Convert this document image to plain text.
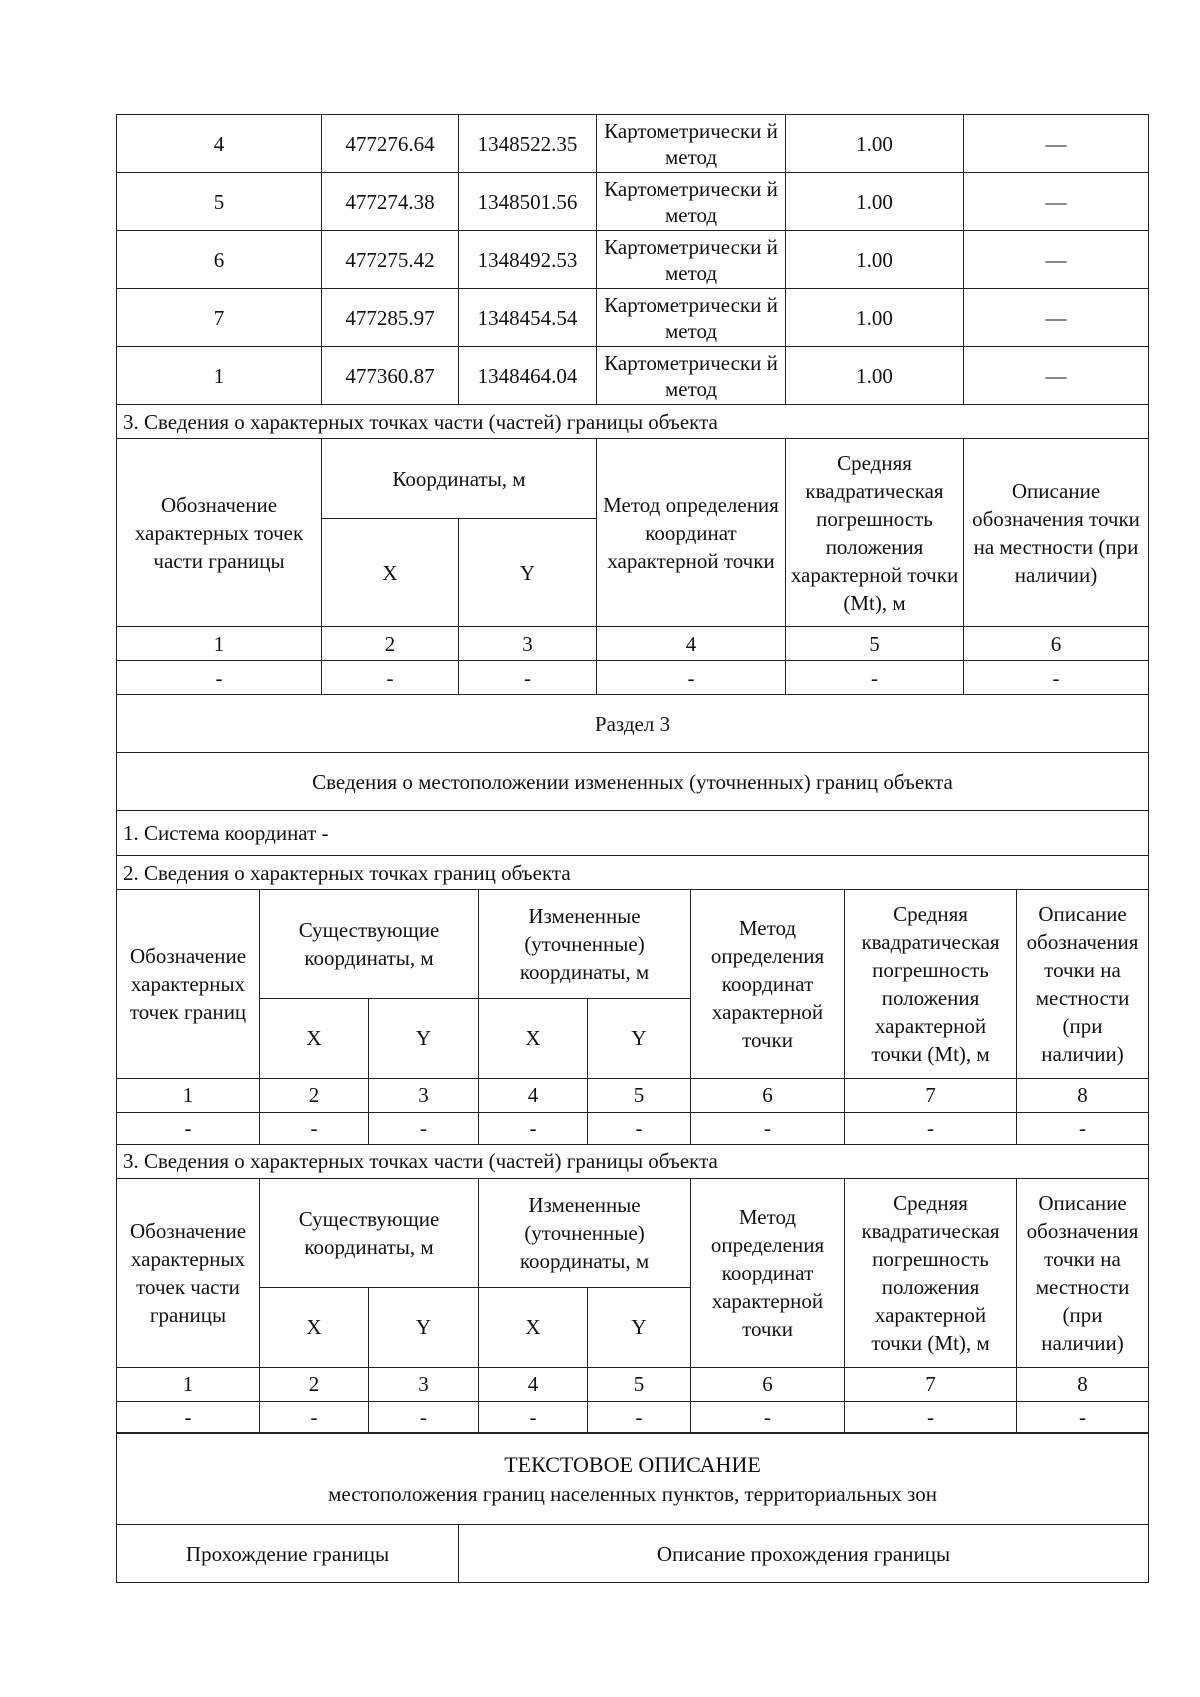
4	477276.64	1348522.35	Картометрически й метод	1.00	—
5	477274.38	1348501.56	Картометрически й метод	1.00	—
6	477275.42	1348492.53	Картометрически й метод	1.00	—
7	477285.97	1348454.54	Картометрически й метод	1.00	—
1	477360.87	1348464.04	Картометрически й метод	1.00	—
3. Сведения о характерных точках части (частей) границы объекта					
Обозначение характерных точек части границы	Координаты, м		Метод определения координат характерной точки	Средняя квадратическая погрешность положения характерной точки (Mt), м	Описание обозначения точки на местности (при наличии)
	X	Y			
1	2	3	4	5	6
-	-	-	-	-	-
Раздел 3					
Сведения о местоположении измененных (уточненных) границ объекта					
1. Система координат -					
2. Сведения о характерных точках границ объекта					
Обозначение характерных точек границ	Существующие координаты, м		Измененные (уточненные) координаты, м		Метод определения координат характерной точки	Средняя квадратическая погрешность положения характерной точки (Mt), м	Описание обозначения точки на местности (при наличии)
	X	Y	X	Y			
1	2	3	4	5	6	7	8
-	-	-	-	-	-	-	-
3. Сведения о характерных точках части (частей) границы объекта							
Обозначение характерных точек части границы	Существующие координаты, м		Измененные (уточненные) координаты, м		Метод определения координат характерной точки	Средняя квадратическая погрешность положения характерной точки (Mt), м	Описание обозначения точки на местности (при наличии)
	X	Y	X	Y			
1	2	3	4	5	6	7	8
-	-	-	-	-	-	-	-
ТЕКСТОВОЕ ОПИСАНИЕ
местоположения границ населенных пунктов, территориальных зон

Прохождение границы	Описание прохождения границы
